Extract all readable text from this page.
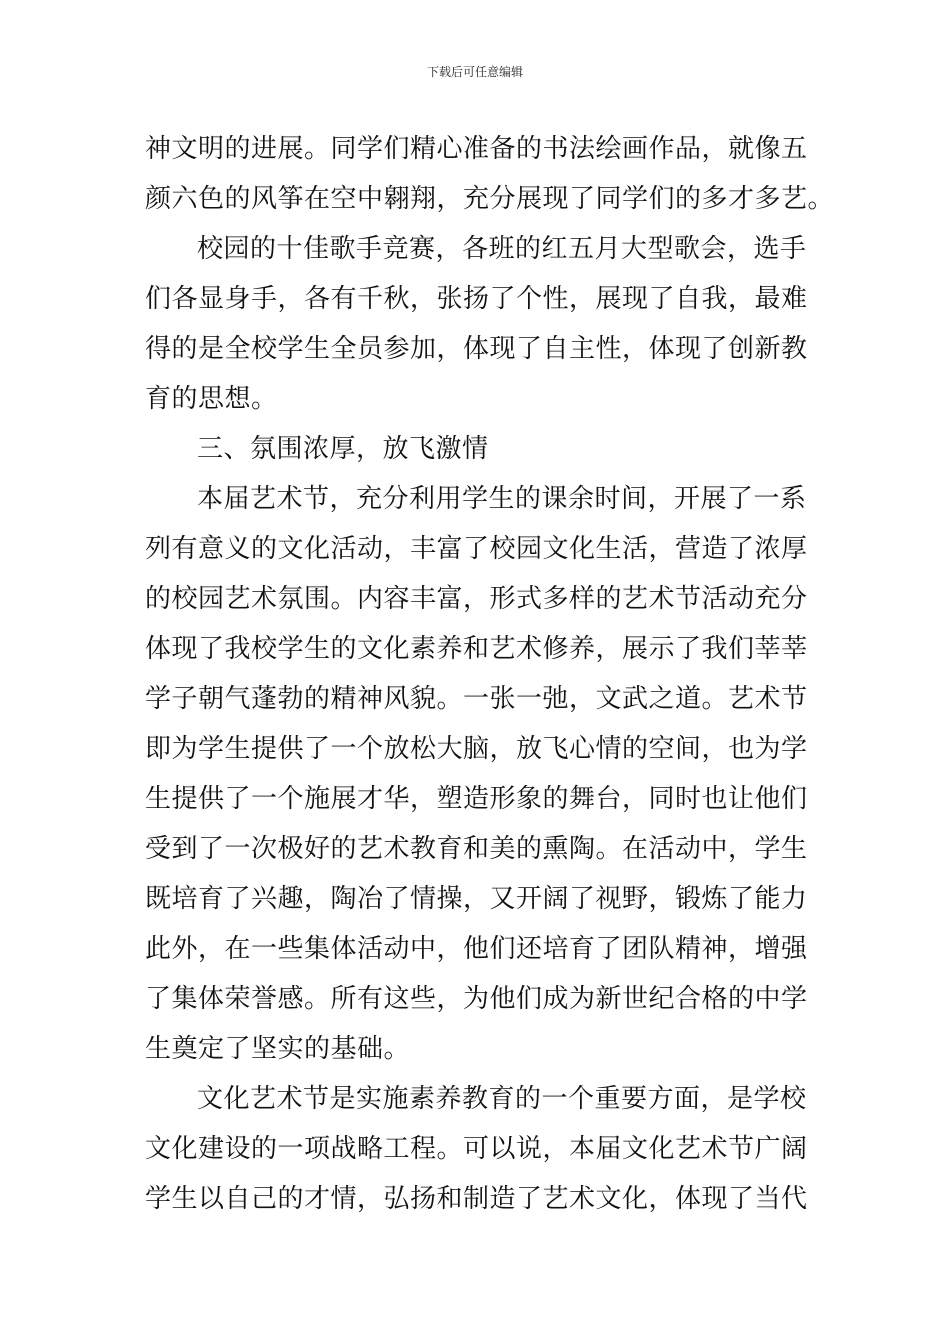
下载后可任意编辑
神文明的进展。同学们精心准备的书法绘画作品，就像五
颜六色的风筝在空中翱翔，充分展现了同学们的多才多艺。
校园的十佳歌手竞赛，各班的红五月大型歌会，选手
们各显身手，各有千秋，张扬了个性，展现了自我，最难
得的是全校学生全员参加，体现了自主性，体现了创新教
育的思想。
三、氛围浓厚，放飞激情
本届艺术节，充分利用学生的课余时间，开展了一系
列有意义的文化活动，丰富了校园文化生活，营造了浓厚
的校园艺术氛围。内容丰富，形式多样的艺术节活动充分
体现了我校学生的文化素养和艺术修养，展示了我们莘莘
学子朝气蓬勃的精神风貌。一张一弛，文武之道。艺术节
即为学生提供了一个放松大脑，放飞心情的空间，也为学
生提供了一个施展才华，塑造形象的舞台，同时也让他们
受到了一次极好的艺术教育和美的熏陶。在活动中，学生
既培育了兴趣，陶冶了情操，又开阔了视野，锻炼了能力
此外，在一些集体活动中，他们还培育了团队精神，增强
了集体荣誉感。所有这些，为他们成为新世纪合格的中学
生奠定了坚实的基础。
文化艺术节是实施素养教育的一个重要方面，是学校
文化建设的一项战略工程。可以说，本届文化艺术节广阔
学生以自己的才情，弘扬和制造了艺术文化，体现了当代
